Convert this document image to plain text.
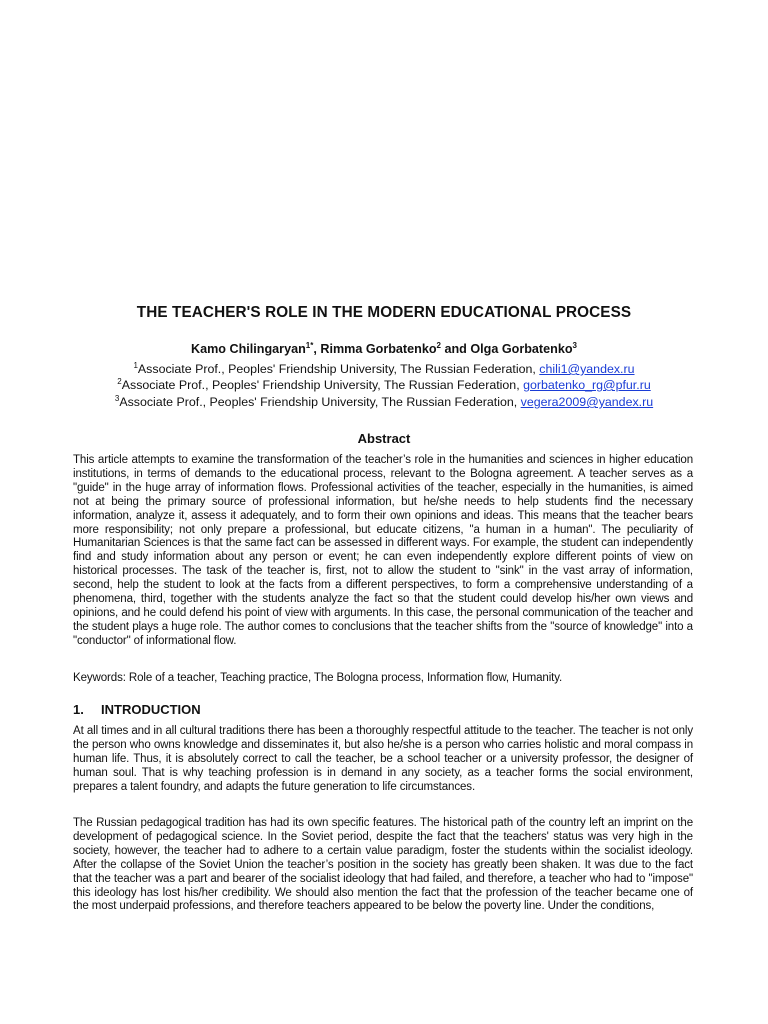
THE TEACHER'S ROLE IN THE MODERN EDUCATIONAL PROCESS
Kamo Chilingaryan$^{1*}$, Rimma Gorbatenko$^2$ and Olga Gorbatenko$^3$
$^1$Associate Prof., Peoples' Friendship University, The Russian Federation, chili1@yandex.ru
$^2$Associate Prof., Peoples' Friendship University, The Russian Federation, gorbatenko_rg@pfur.ru
$^3$Associate Prof., Peoples' Friendship University, The Russian Federation, vegera2009@yandex.ru
Abstract
This article attempts to examine the transformation of the teacher’s role in the humanities and sciences in higher education institutions, in terms of demands to the educational process, relevant to the Bologna agreement. A teacher serves as a "guide" in the huge array of information flows. Professional activities of the teacher, especially in the humanities, is aimed not at being the primary source of professional information, but he/she needs to help students find the necessary information, analyze it, assess it adequately, and to form their own opinions and ideas. This means that the teacher bears more responsibility; not only prepare a professional, but educate citizens, "a human in a human". The peculiarity of Humanitarian Sciences is that the same fact can be assessed in different ways. For example, the student can independently find and study information about any person or event; he can even independently explore different points of view on historical processes. The task of the teacher is, first, not to allow the student to "sink" in the vast array of information, second, help the student to look at the facts from a different perspectives, to form a comprehensive understanding of a phenomena, third, together with the students analyze the fact so that the student could develop his/her own views and opinions, and he could defend his point of view with arguments. In this case, the personal communication of the teacher and the student plays a huge role. The author comes to conclusions that the teacher shifts from the "source of knowledge" into a "conductor" of informational flow.
Keywords: Role of a teacher, Teaching practice, The Bologna process, Information flow, Humanity.
1. INTRODUCTION
At all times and in all cultural traditions there has been a thoroughly respectful attitude to the teacher. The teacher is not only the person who owns knowledge and disseminates it, but also he/she is a person who carries holistic and moral compass in human life. Thus, it is absolutely correct to call the teacher, be a school teacher or a university professor, the designer of human soul. That is why teaching profession is in demand in any society, as a teacher forms the social environment, prepares a talent foundry, and adapts the future generation to life circumstances.
The Russian pedagogical tradition has had its own specific features. The historical path of the country left an imprint on the development of pedagogical science. In the Soviet period, despite the fact that the teachers' status was very high in the society, however, the teacher had to adhere to a certain value paradigm, foster the students within the socialist ideology. After the collapse of the Soviet Union the teacher’s position in the society has greatly been shaken. It was due to the fact that the teacher was a part and bearer of the socialist ideology that had failed, and therefore, a teacher who had to "impose" this ideology has lost his/her credibility. We should also mention the fact that the profession of the teacher became one of the most underpaid professions, and therefore teachers appeared to be below the poverty line. Under the conditions,
